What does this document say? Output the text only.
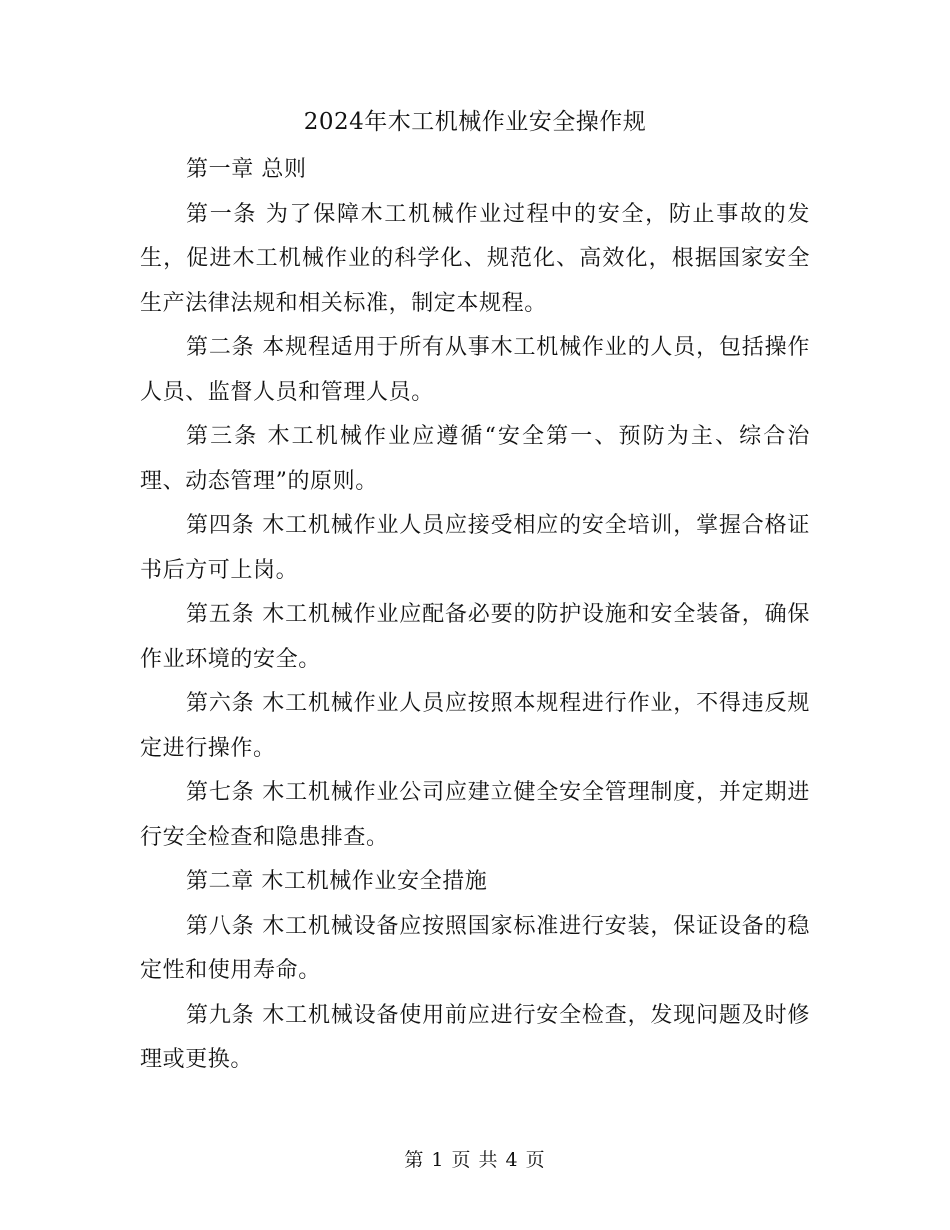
2024年木工机械作业安全操作规

第一章 总则

第一条 为了保障木工机械作业过程中的安全，防止事故的发生，促进木工机械作业的科学化、规范化、高效化，根据国家安全生产法律法规和相关标准，制定本规程。

第二条 本规程适用于所有从事木工机械作业的人员，包括操作人员、监督人员和管理人员。

第三条 木工机械作业应遵循“安全第一、预防为主、综合治理、动态管理”的原则。

第四条 木工机械作业人员应接受相应的安全培训，掌握合格证书后方可上岗。

第五条 木工机械作业应配备必要的防护设施和安全装备，确保作业环境的安全。

第六条 木工机械作业人员应按照本规程进行作业，不得违反规定进行操作。

第七条 木工机械作业公司应建立健全安全管理制度，并定期进行安全检查和隐患排查。

第二章 木工机械作业安全措施

第八条 木工机械设备应按照国家标准进行安装，保证设备的稳定性和使用寿命。

第九条 木工机械设备使用前应进行安全检查，发现问题及时修理或更换。

第 1 页 共 4 页
